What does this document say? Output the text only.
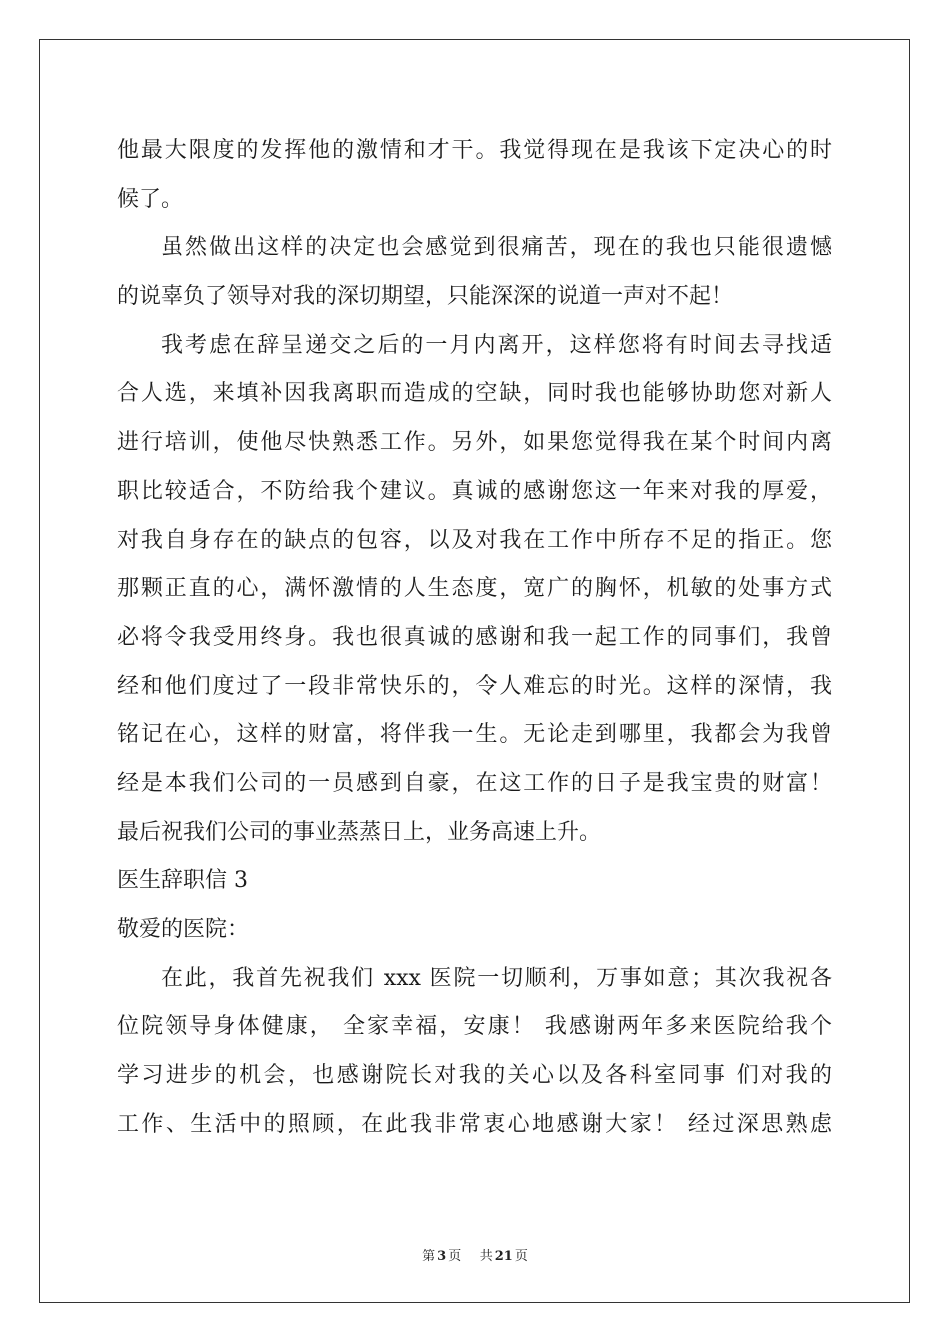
他最大限度的发挥他的激情和才干。我觉得现在是我该下定决心的时
候了。
虽然做出这样的决定也会感觉到很痛苦，现在的我也只能很遗憾
的说辜负了领导对我的深切期望，只能深深的说道一声对不起！
我考虑在辞呈递交之后的一月内离开，这样您将有时间去寻找适
合人选，来填补因我离职而造成的空缺，同时我也能够协助您对新人
进行培训，使他尽快熟悉工作。另外，如果您觉得我在某个时间内离
职比较适合，不防给我个建议。真诚的感谢您这一年来对我的厚爱，
对我自身存在的缺点的包容，以及对我在工作中所存不足的指正。您
那颗正直的心，满怀激情的人生态度，宽广的胸怀，机敏的处事方式
必将令我受用终身。我也很真诚的感谢和我一起工作的同事们，我曾
经和他们度过了一段非常快乐的，令人难忘的时光。这样的深情，我
铭记在心，这样的财富，将伴我一生。无论走到哪里，我都会为我曾
经是本我们公司的一员感到自豪，在这工作的日子是我宝贵的财富！
最后祝我们公司的事业蒸蒸日上，业务高速上升。
医生辞职信 3
敬爱的医院：
在此，我首先祝我们 xxx 医院一切顺利，万事如意；其次我祝各
位院领导身体健康， 全家幸福，安康！ 我感谢两年多来医院给我个
学习进步的机会，也感谢院长对我的关心以及各科室同事 们对我的
工作、生活中的照顾，在此我非常衷心地感谢大家！ 经过深思熟虑
第 3 页 共 21 页
